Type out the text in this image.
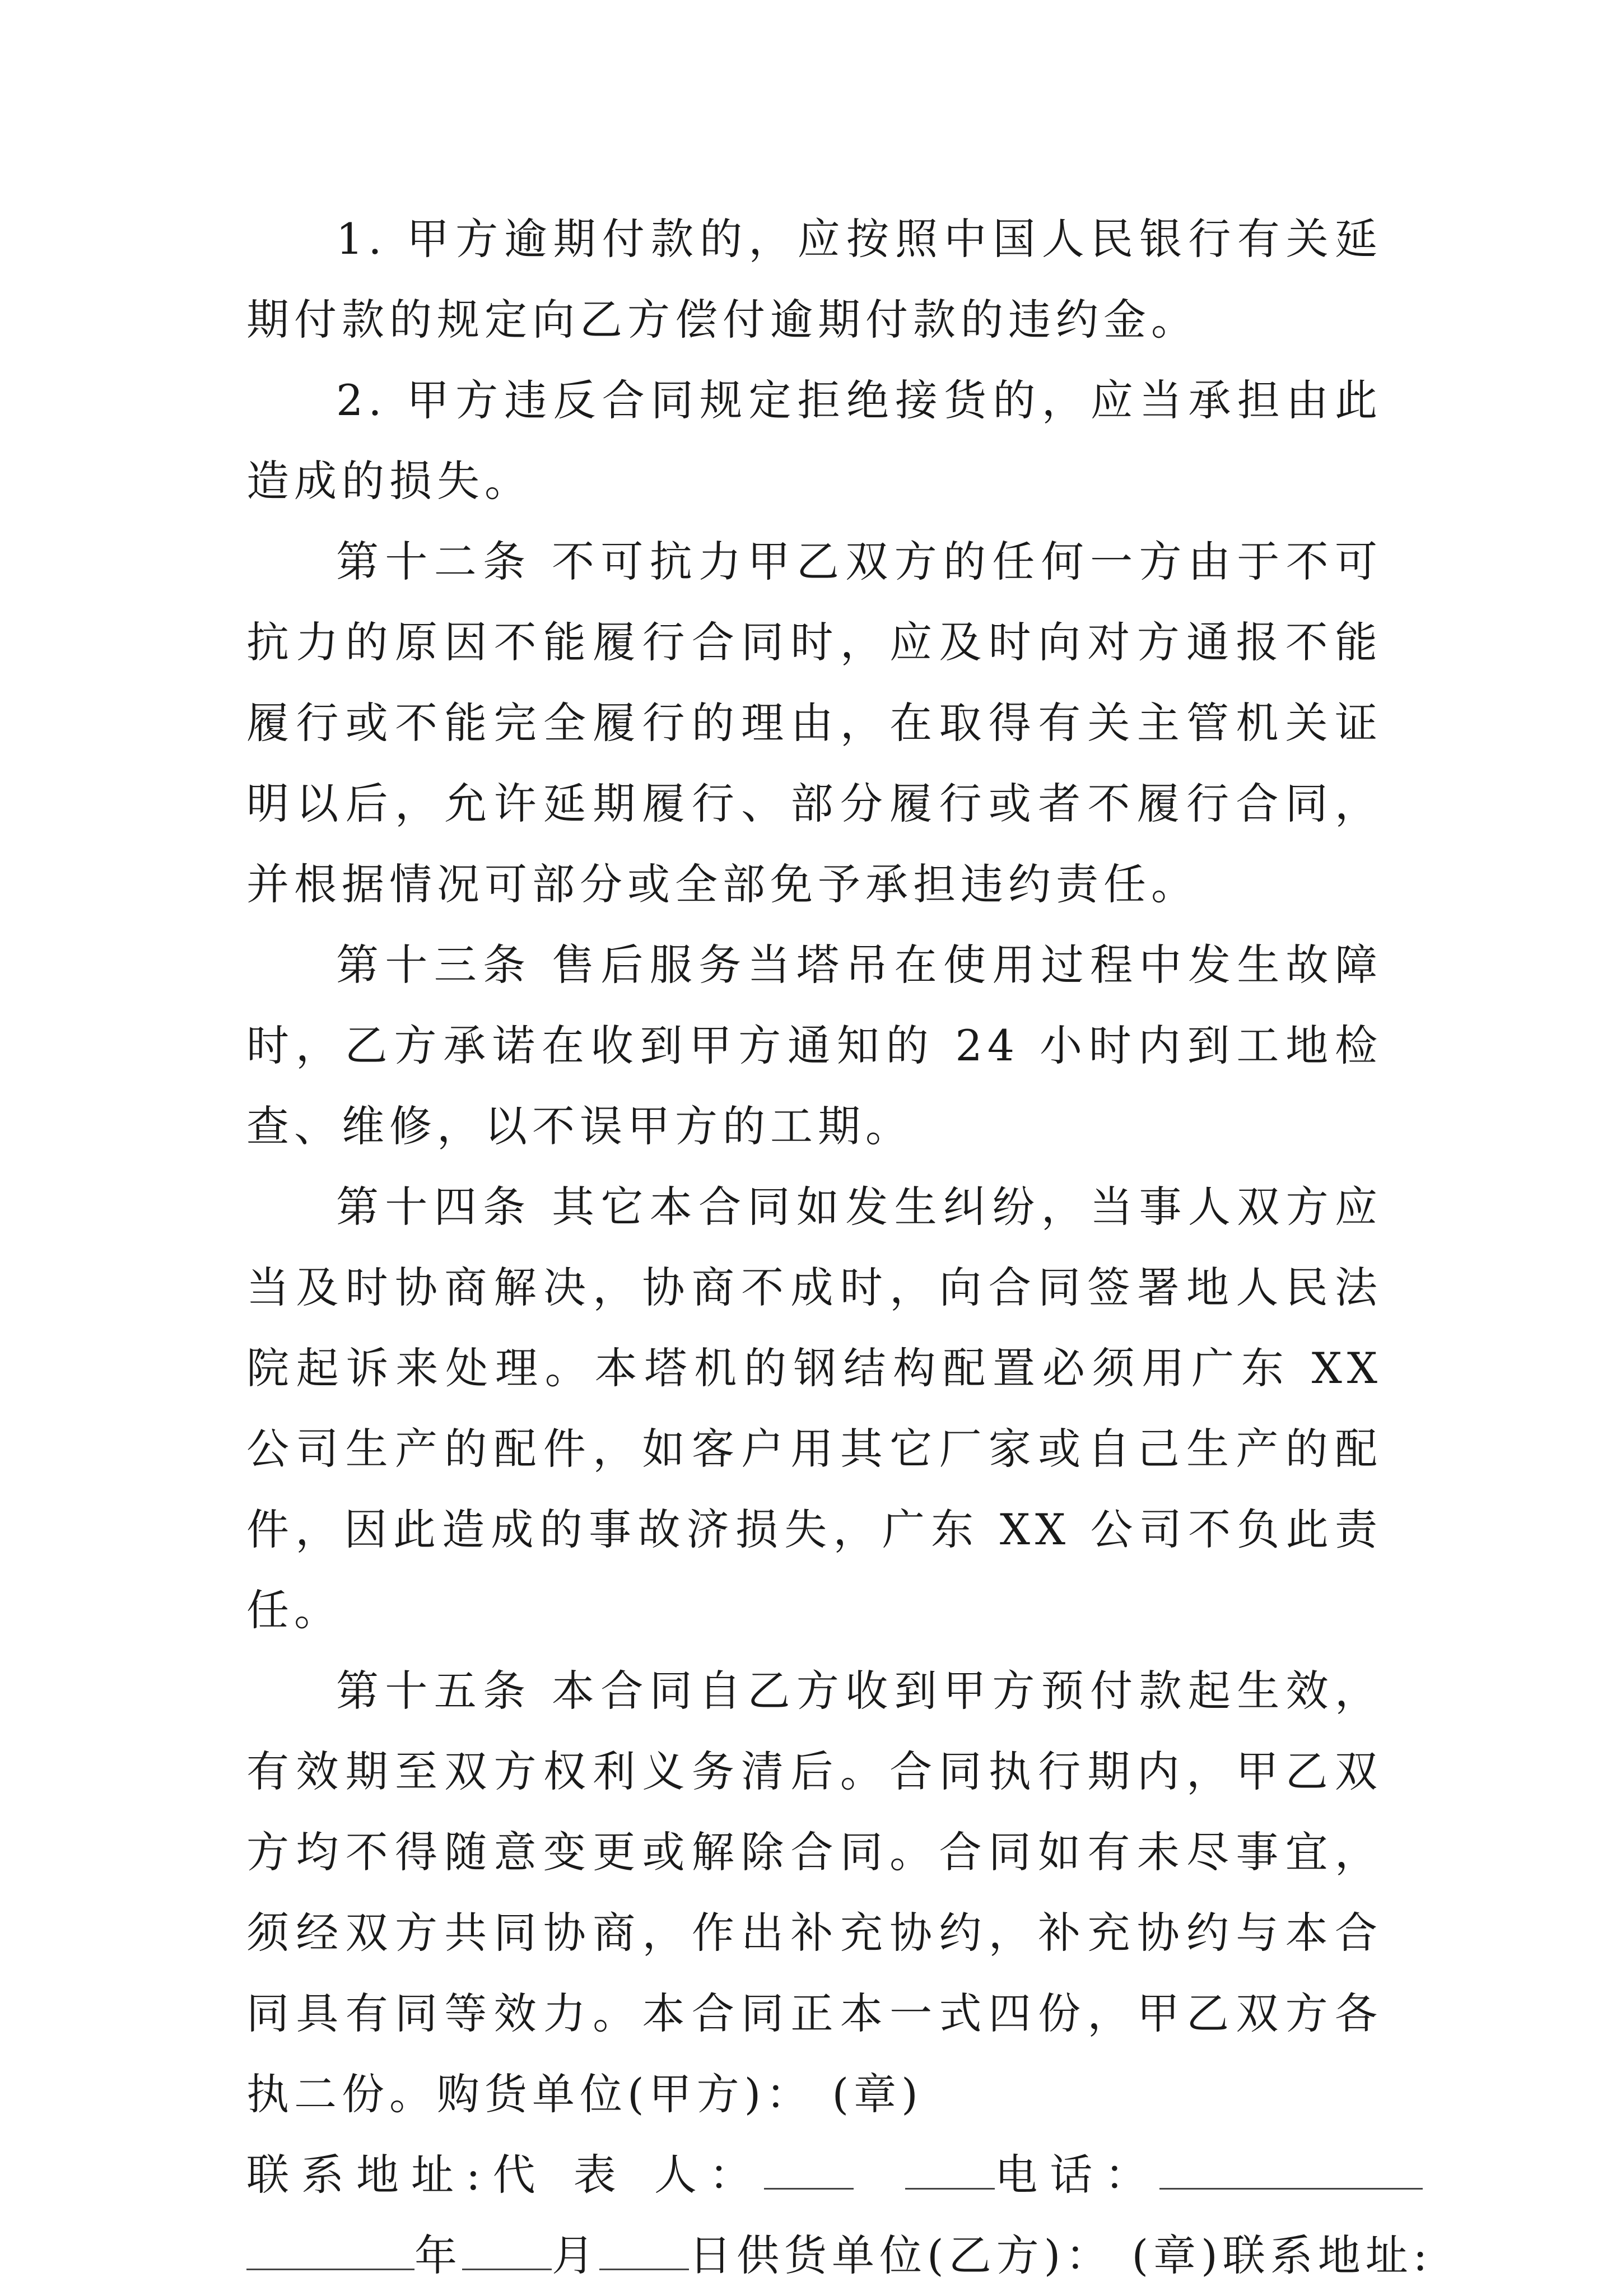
1. 甲方逾期付款的，应按照中国人民银行有关延期付款的规定向乙方偿付逾期付款的违约金。

2. 甲方违反合同规定拒绝接货的，应当承担由此造成的损失。

第十二条 不可抗力甲乙双方的任何一方由于不可抗力的原因不能履行合同时，应及时向对方通报不能履行或不能完全履行的理由，在取得有关主管机关证明以后，允许延期履行、部分履行或者不履行合同，并根据情况可部分或全部免予承担违约责任。

第十三条 售后服务当塔吊在使用过程中发生故障时，乙方承诺在收到甲方通知的 24 小时内到工地检查、维修，以不误甲方的工期。

第十四条 其它本合同如发生纠纷，当事人双方应当及时协商解决，协商不成时，向合同签署地人民法院起诉来处理。本塔机的钢结构配置必须用广东 XX 公司生产的配件，如客户用其它厂家或自己生产的配件，因此造成的事故济损失，广东 XX 公司不负此责任。

第十五条 本合同自乙方收到甲方预付款起生效，有效期至双方权利义务清后。合同执行期内，甲乙双方均不得随意变更或解除合同。合同如有未尽事宜，须经双方共同协商，作出补充协约，补充协约与本合同具有同等效力。本合同正本一式四份，甲乙双方各执二份。购货单位(甲方)： (章)

联系地址:代 表 人：	电话：

年 月 日供货单位(乙方)： (章)联系地址:
